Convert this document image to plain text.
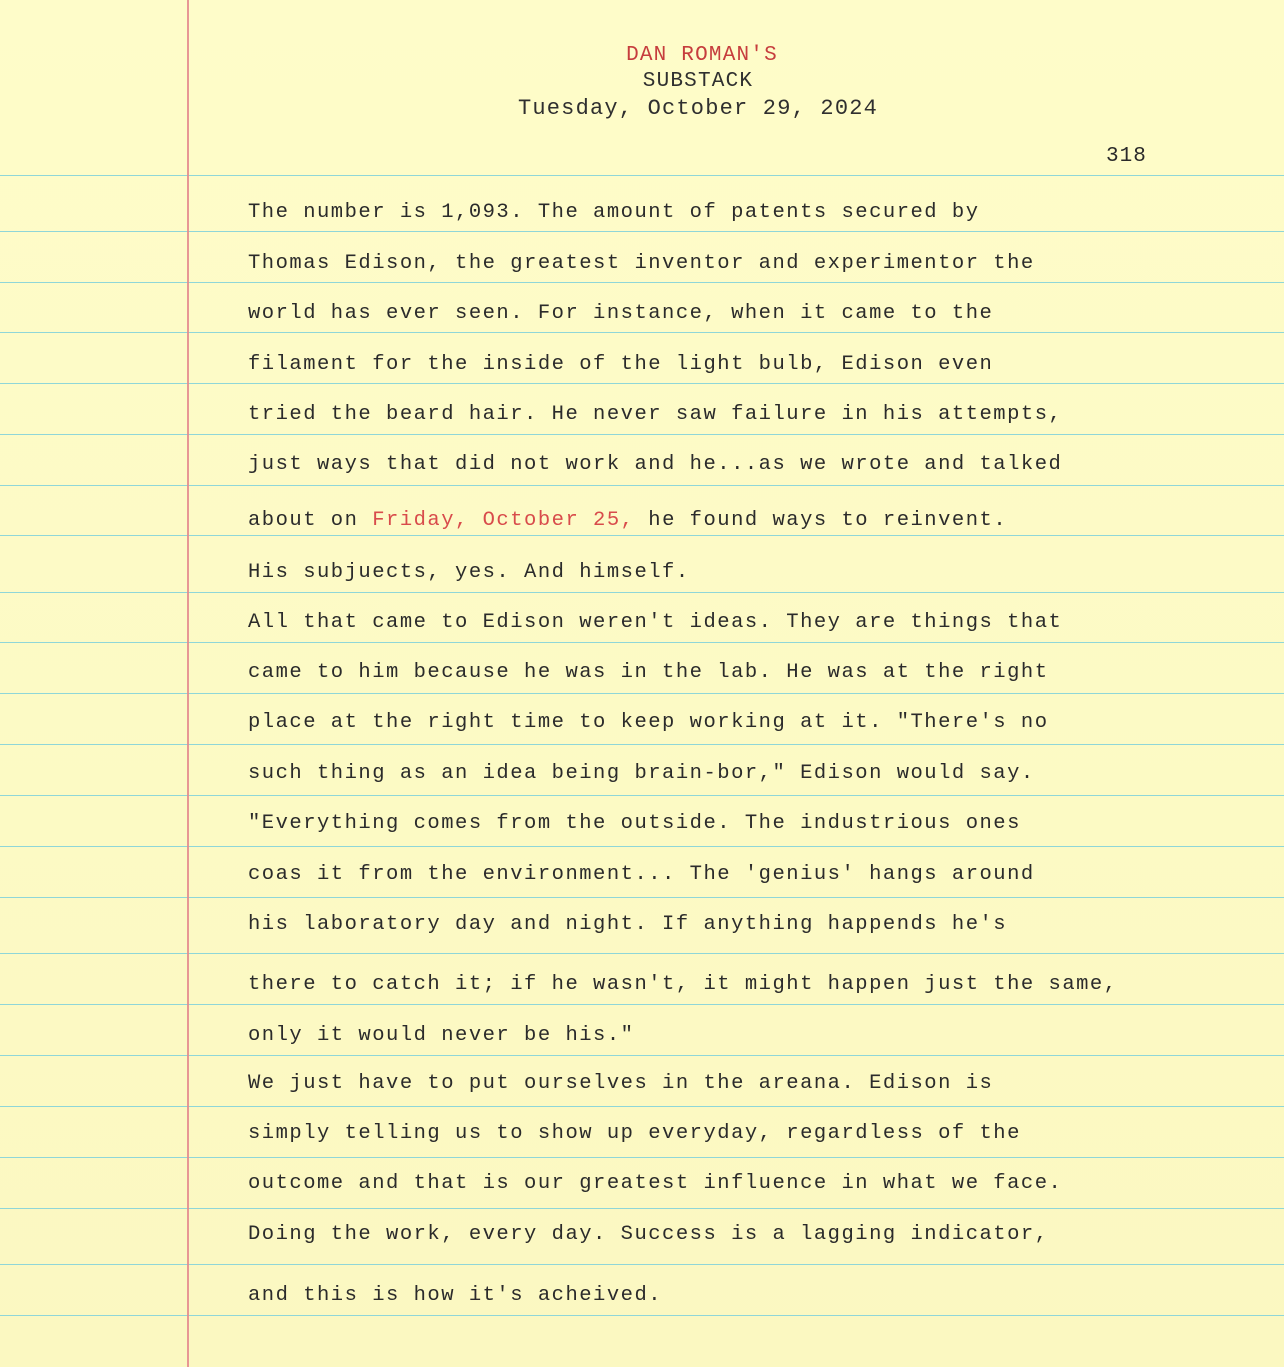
DAN ROMAN'S
SUBSTACK
Tuesday, October 29, 2024
318
The number is 1,093. The amount of patents secured by
Thomas Edison, the greatest inventor and experimentor the
world has ever seen. For instance, when it came to the
filament for the inside of the light bulb, Edison even
tried the beard hair. He never saw failure in his attempts,
just ways that did not work and he...as we wrote and talked
about on Friday, October 25, he found ways to reinvent.
His subjuects, yes. And himself.
All that came to Edison weren't ideas. They are things that
came to him because he was in the lab. He was at the right
place at the right time to keep working at it. "There's no
such thing as an idea being brain-bor," Edison would say.
"Everything comes from the outside. The industrious ones
coas it from the environment... The 'genius' hangs around
his laboratory day and night. If anything happends he's
there to catch it; if he wasn't, it might happen just the same,
only it would never be his."
We just have to put ourselves in the areana. Edison is
simply telling us to show up everyday, regardless of the
outcome and that is our greatest influence in what we face.
Doing the work, every day. Success is a lagging indicator,
and this is how it's acheived.
